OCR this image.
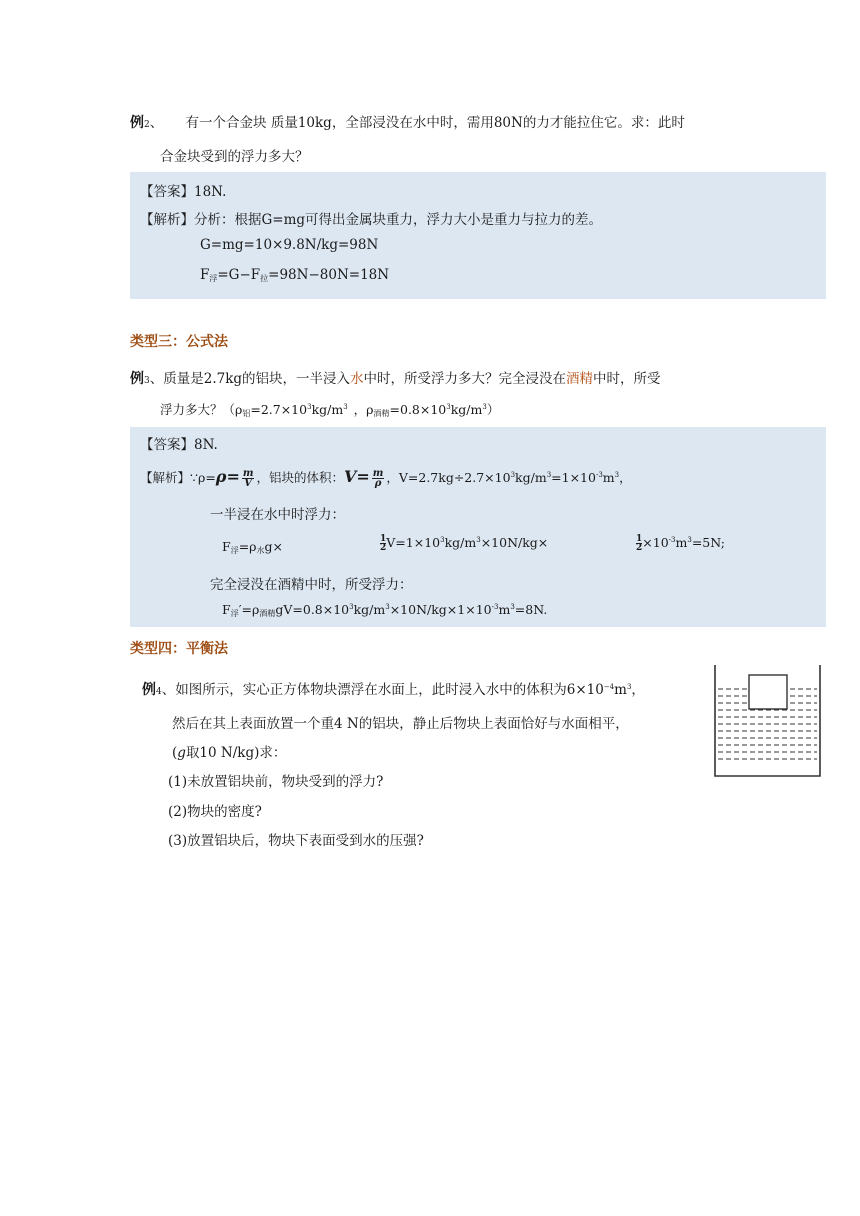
例2、 有一个合金块 质量10kg，全部浸没在水中时，需用80N的力才能拉住它。求：此时
合金块受到的浮力多大？
【答案】18N.
【解析】分析：根据G=mg可得出金属块重力，浮力大小是重力与拉力的差。
G=mg=10×9.8N/kg=98N
$F_浮=G-F_拉=98N-80N=18N$
类型三：公式法
例3、质量是2.7kg的铝块，一半浸入水中时，所受浮力多大？完全浸没在酒精中时，所受
浮力多大？（$\rho_铝=2.7\times 10^3kg/m^3$ ，$\rho_{酒精}=0.8\times 10^3kg/m^3$）
【答案】8N.
【解析】∵ρ=ρ= $\frac{m}{V}$ ，铝块的体积：$V= \frac{m}{\rho}$ ，$V=2.7kg\div 2.7\times 10^3kg/m^3=1\times 10^{-3}m^3$，
一半浸在水中时浮力：
$F_浮=\rho_水g\times$	$\frac{1}{2} V=1\times 10^3kg/m^3\times 10N/kg\times$	$\frac{1}{2} \times 10^{-3}m^3=5N$;
完全浸没在酒精中时，所受浮力：
$F_浮'=\rho_{酒精}gV=0.8\times 10^3kg/m^3\times 10N/kg\times 1\times 10^{-3}m^3=8N$.
类型四：平衡法
例4、如图所示，实心正方体物块漂浮在水面上，此时浸入水中的体积为$6\times 10^{-4}m^3$，
然后在其上表面放置一个重4 N的铝块，静止后物块上表面恰好与水面相平，
(g取10 N/kg)求：
(1)未放置铝块前，物块受到的浮力?
(2)物块的密度?
(3)放置铝块后，物块下表面受到水的压强?
